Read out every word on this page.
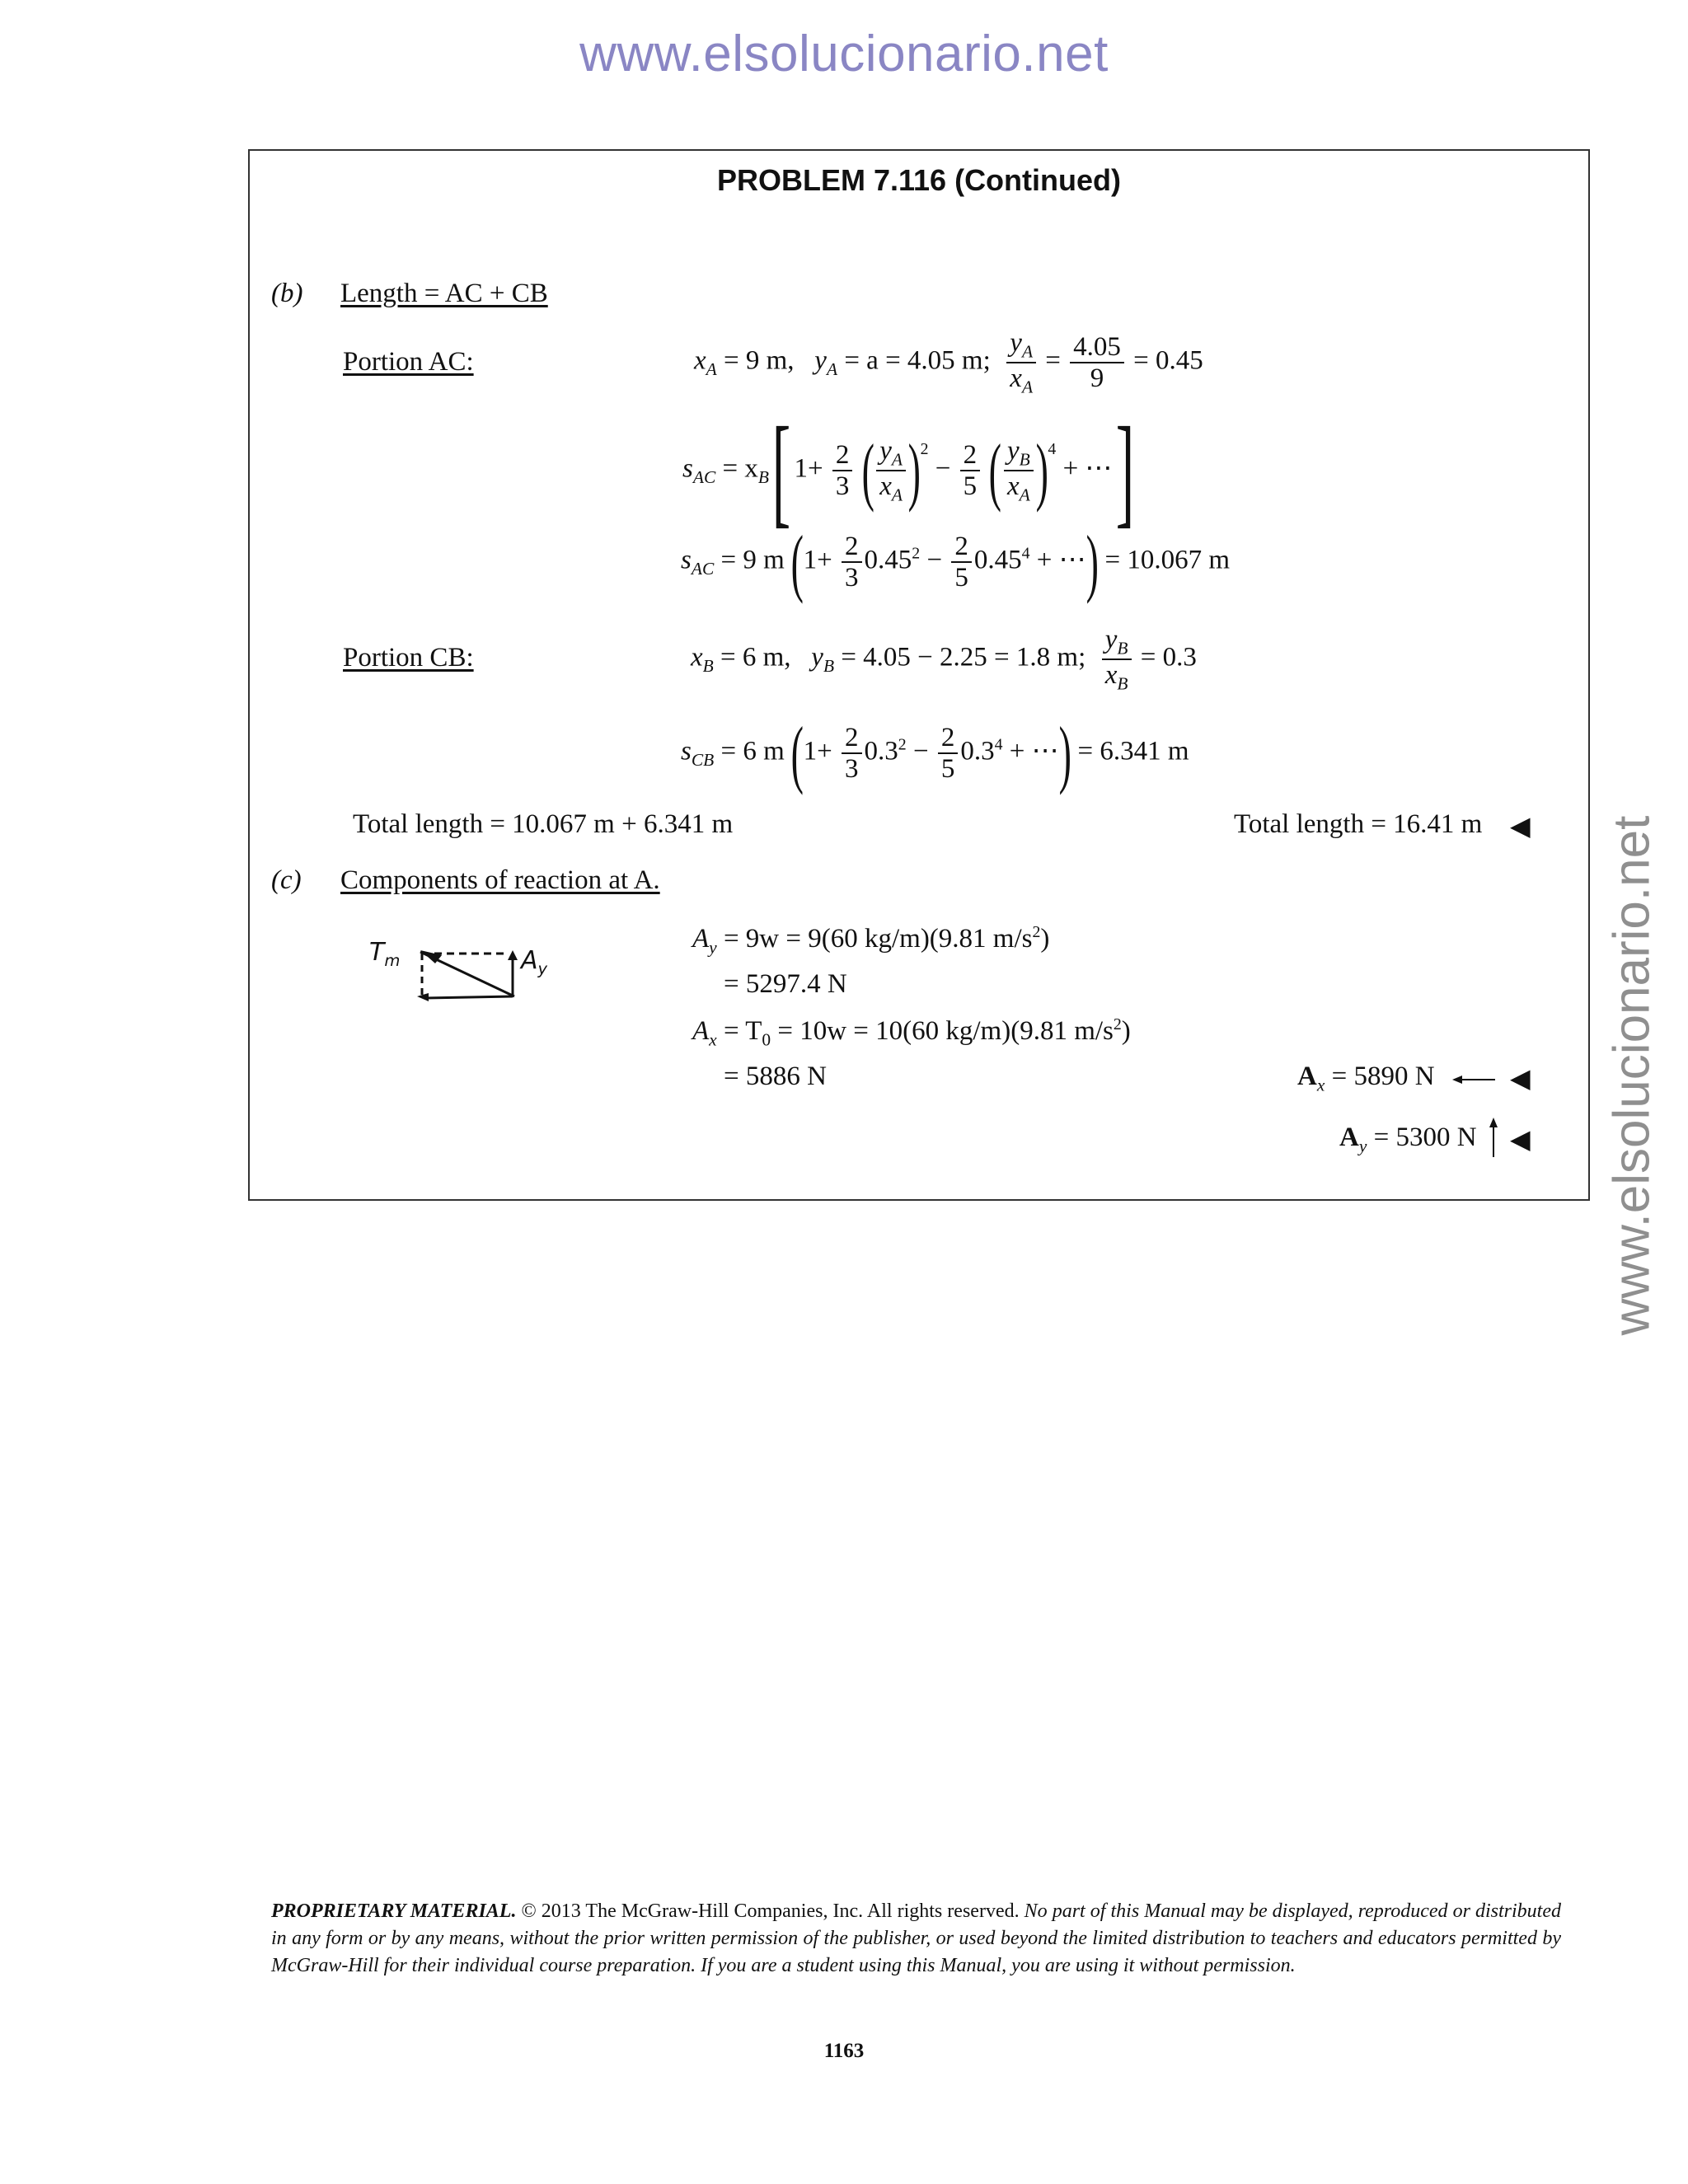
www.elsolucionario.net
www.elsolucionario.net
PROBLEM 7.116 (Continued)
(b) Length = AC + CB
Portion AC:	$x_A = 9$ m, $y_A = a = 4.05$ m; $\frac{y_A}{x_A} = \frac{4.05}{9} = 0.45$
$s_{AC} = x_B$ [ $1+ \frac{2}{3}$ ( $\frac{y_A}{x_A} )^2 - \frac{2}{5}$ ( $\frac{y_B}{x_A} )^4$ + ⋯ ]
$s_{AC} = 9$ m ($1+ \frac{2}{3} 0.45^2 - \frac{2}{5} 0.45^4$ + ⋯) = 10.067 m
Portion CB:	$x_B = 6$ m, $y_B = 4.05 - 2.25 = 1.8$ m; $\frac{y_B}{x_B} = 0.3$
$s_{CB} = 6$ m ($1+ \frac{2}{3} 0.3^2 - \frac{2}{5} 0.3^4$ + ⋯) = 6.341 m
Total length = 10.067 m + 6.341 m	Total length = 16.41 m ◀
(c) Components of reaction at A.
$T_m$	$A_y$
$A_y = 9w = 9(60$ kg/m)(9.81 $m/s^2$)
= 5297.4 N
$A_x = T_0 = 10w = 10(60$ kg/m)(9.81 $m/s^2$)
= 5886 N	$A_x = 5890$ N	◀
$A_y = 5300$ N ◀
PROPRIETARY MATERIAL. © 2013 The McGraw-Hill Companies, Inc. All rights reserved. No part of this Manual may be displayed, reproduced or distributed in any form or by any means, without the prior written permission of the publisher, or used beyond the limited distribution to teachers and educators permitted by McGraw-Hill for their individual course preparation. If you are a student using this Manual, you are using it without permission.
1163
